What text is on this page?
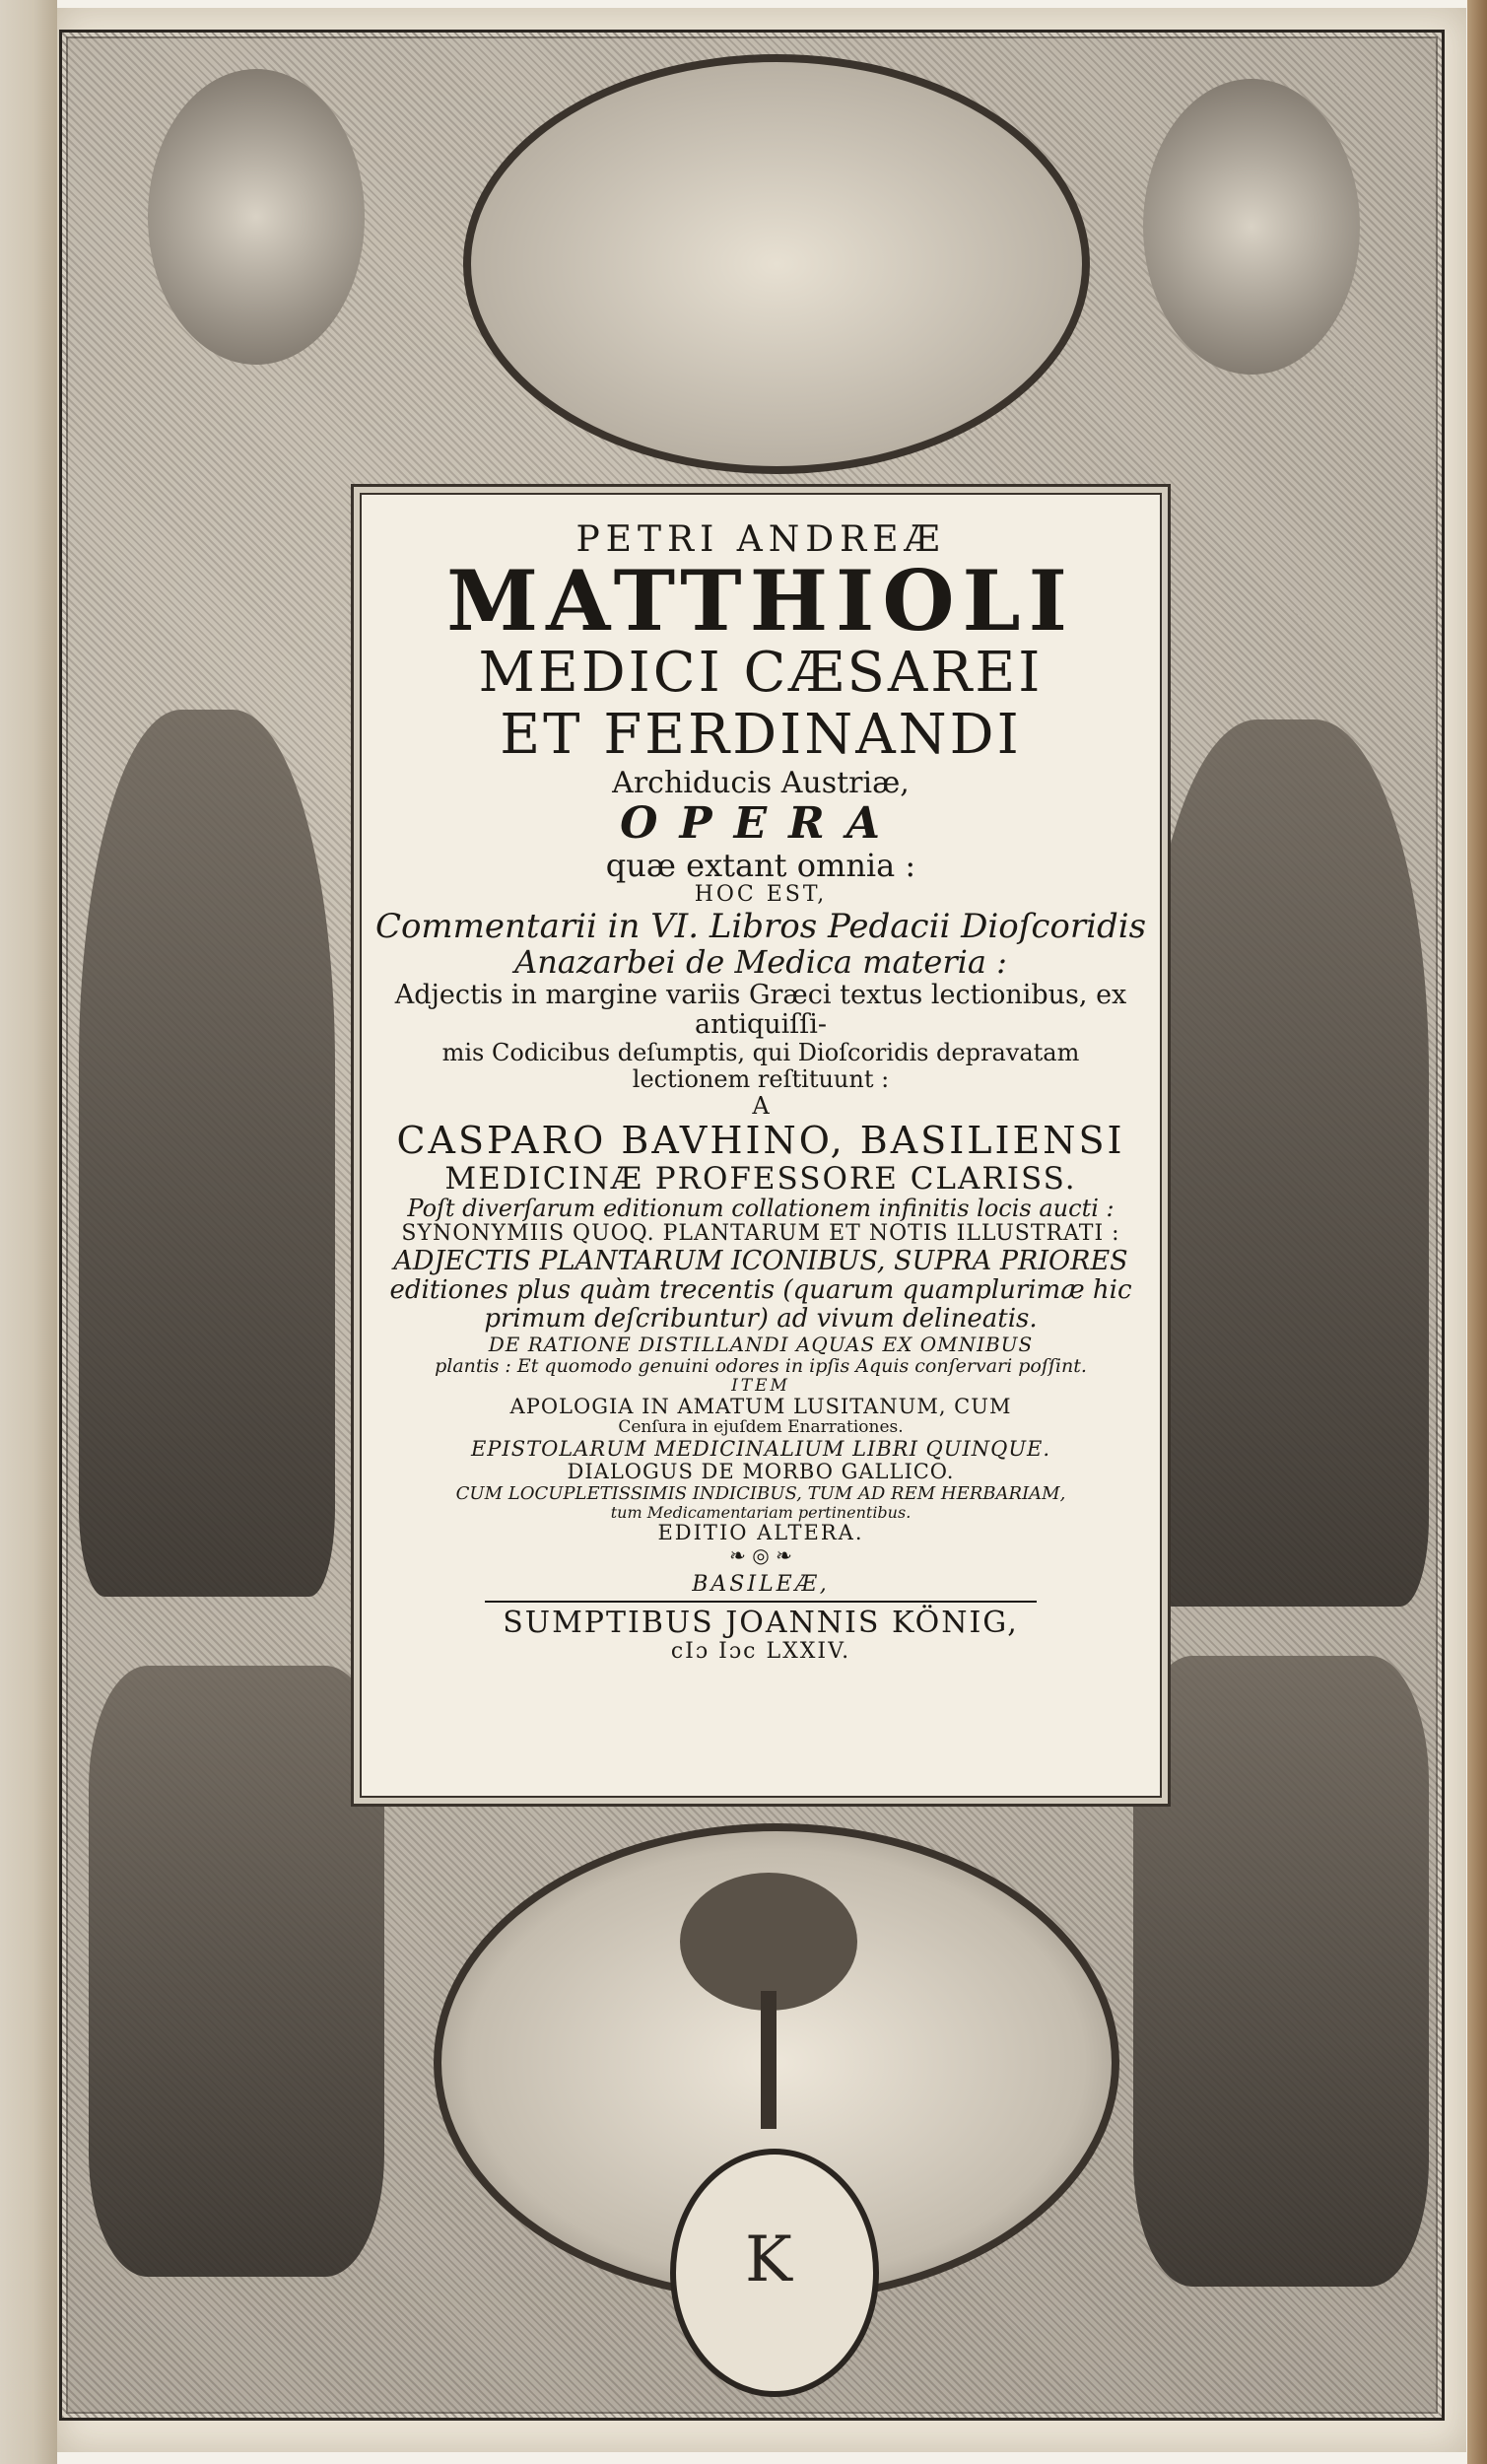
K
PETRI ANDREÆ
MATTHIOLI
MEDICI CÆSAREI
ET FERDINANDI
Archiducis Austriæ,
OPERA
quæ extant omnia :
HOC EST,
Commentarii in VI. Libros Pedacii Dioſcoridis
Anazarbei de Medica materia :
Adjectis in margine variis Græci textus lectionibus, ex antiquiſſi-
mis Codicibus deſumptis, qui Dioſcoridis depravatam
lectionem reſtituunt :
A
CASPARO BAVHINO, BASILIENSI
MEDICINÆ PROFESSORE CLARISS.
Poſt diverſarum editionum collationem infinitis locis aucti :
SYNONYMIIS QUOQ. PLANTARUM ET NOTIS ILLUSTRATI :
ADJECTIS PLANTARUM ICONIBUS, SUPRA PRIORES
editiones plus quàm trecentis (quarum quamplurimæ hic
primum deſcribuntur) ad vivum delineatis.
DE RATIONE DISTILLANDI AQUAS EX OMNIBUS
plantis : Et quomodo genuini odores in ipſis Aquis conſervari poſſint.
ITEM
APOLOGIA IN AMATUM LUSITANUM, CUM
Cenſura in ejuſdem Enarrationes.
EPISTOLARUM MEDICINALIUM LIBRI QUINQUE.
DIALOGUS DE MORBO GALLICO.
CUM LOCUPLETISSIMIS INDICIBUS, TUM AD REM HERBARIAM,
tum Medicamentariam pertinentibus.
EDITIO ALTERA.
❧ ◎ ❧
BASILEÆ,
SUMPTIBUS JOANNIS KÖNIG,
cIɔ Iɔc LXXIV.
